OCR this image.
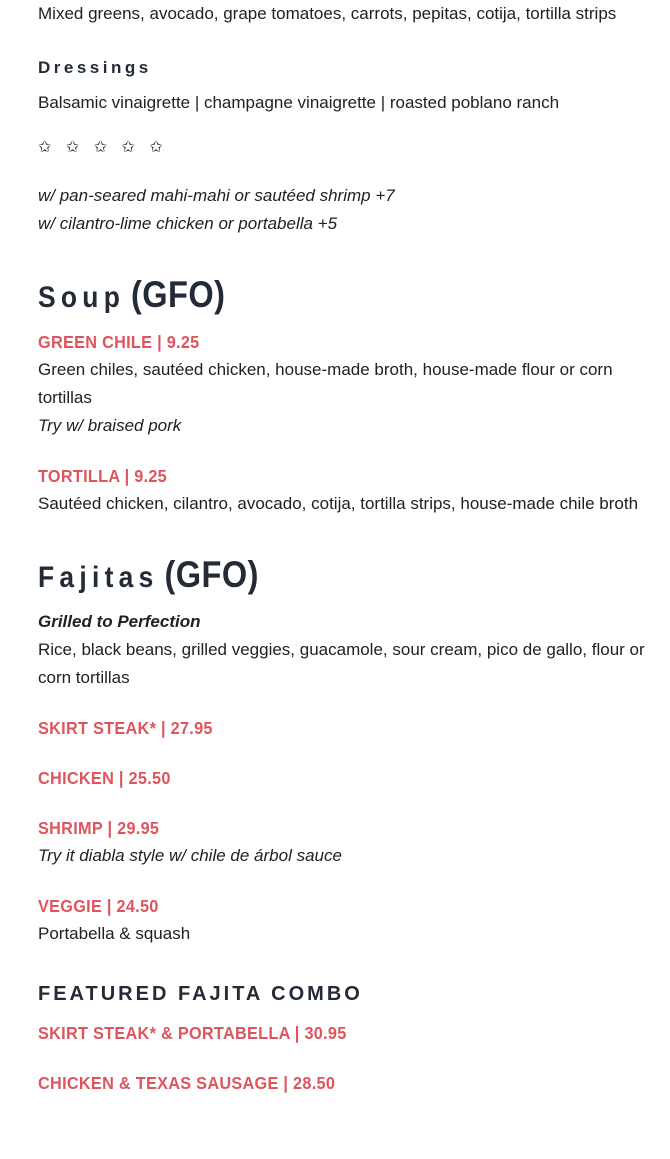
Mixed greens, avocado, grape tomatoes, carrots, pepitas, cotija, tortilla strips

Dressings

Balsamic vinaigrette | champagne vinaigrette | roasted poblano ranch

✩ ✩ ✩ ✩ ✩

w/ pan-seared mahi-mahi or sautéed shrimp +7
w/ cilantro-lime chicken or portabella +5

Soup (GFO)

GREEN CHILE | 9.25

Green chiles, sautéed chicken, house-made broth, house-made flour or corn tortillas

Try w/ braised pork

TORTILLA | 9.25

Sautéed chicken, cilantro, avocado, cotija, tortilla strips, house-made chile broth

Fajitas (GFO)

Grilled to Perfection

Rice, black beans, grilled veggies, guacamole, sour cream, pico de gallo, flour or corn tortillas

SKIRT STEAK* | 27.95

CHICKEN | 25.50

SHRIMP | 29.95

Try it diabla style w/ chile de árbol sauce

VEGGIE | 24.50

Portabella & squash

FEATURED FAJITA COMBO

SKIRT STEAK* & PORTABELLA | 30.95

CHICKEN & TEXAS SAUSAGE | 28.50
